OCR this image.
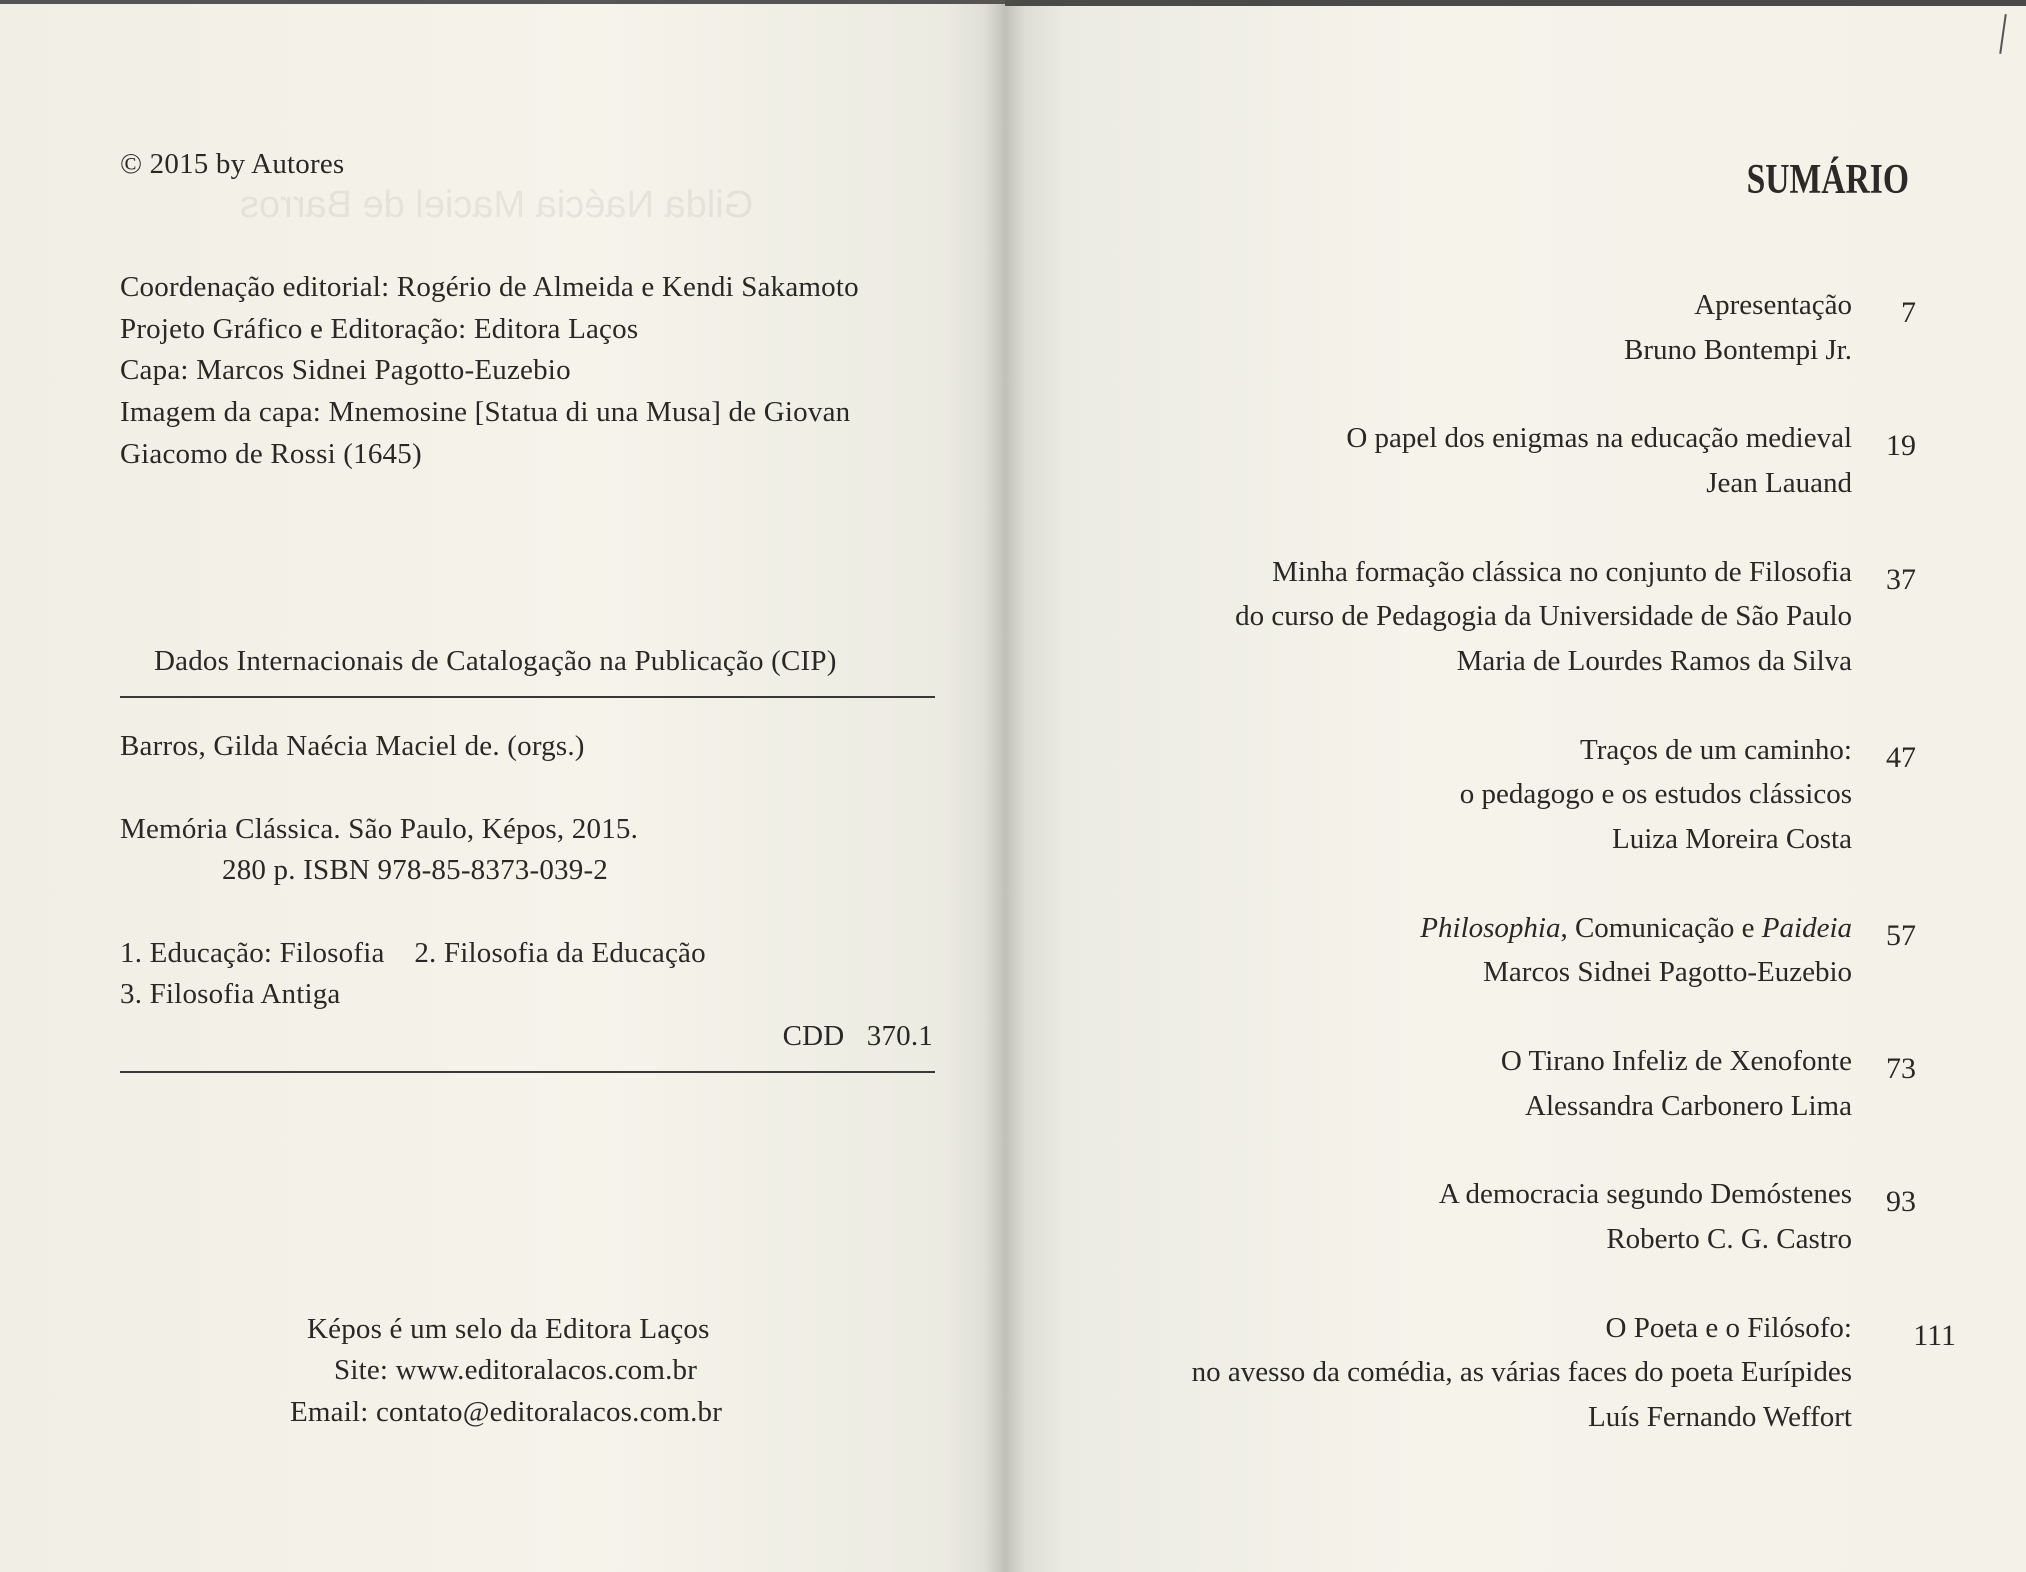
Gilda Naécia Maciel de Barros
© 2015 by Autores
Coordenação editorial: Rogério de Almeida e Kendi Sakamoto
Projeto Gráfico e Editoração: Editora Laços
Capa: Marcos Sidnei Pagotto-Euzebio
Imagem da capa: Mnemosine [Statua di una Musa] de Giovan
Giacomo de Rossi (1645)
Dados Internacionais de Catalogação na Publicação (CIP)
Barros, Gilda Naécia Maciel de. (orgs.)
Memória Clássica. São Paulo, Képos, 2015.
280 p. ISBN 978-85-8373-039-2
1. Educação: Filosofia    2. Filosofia da Educação
3. Filosofia Antiga
CDD   370.1
Képos é um selo da Editora Laços
Site: www.editoralacos.com.br
Email: contato@editoralacos.com.br
SUMÁRIO
Apresentação	7
Bruno Bontempi Jr.
O papel dos enigmas na educação medieval	19
Jean Lauand
Minha formação clássica no conjunto de Filosofia	37
do curso de Pedagogia da Universidade de São Paulo
Maria de Lourdes Ramos da Silva
Traços de um caminho:	47
o pedagogo e os estudos clássicos
Luiza Moreira Costa
Philosophia, Comunicação e Paideia	57
Marcos Sidnei Pagotto-Euzebio
O Tirano Infeliz de Xenofonte	73
Alessandra Carbonero Lima
A democracia segundo Demóstenes	93
Roberto C. G. Castro
O Poeta e o Filósofo:	111
no avesso da comédia, as várias faces do poeta Eurípides
Luís Fernando Weffort
